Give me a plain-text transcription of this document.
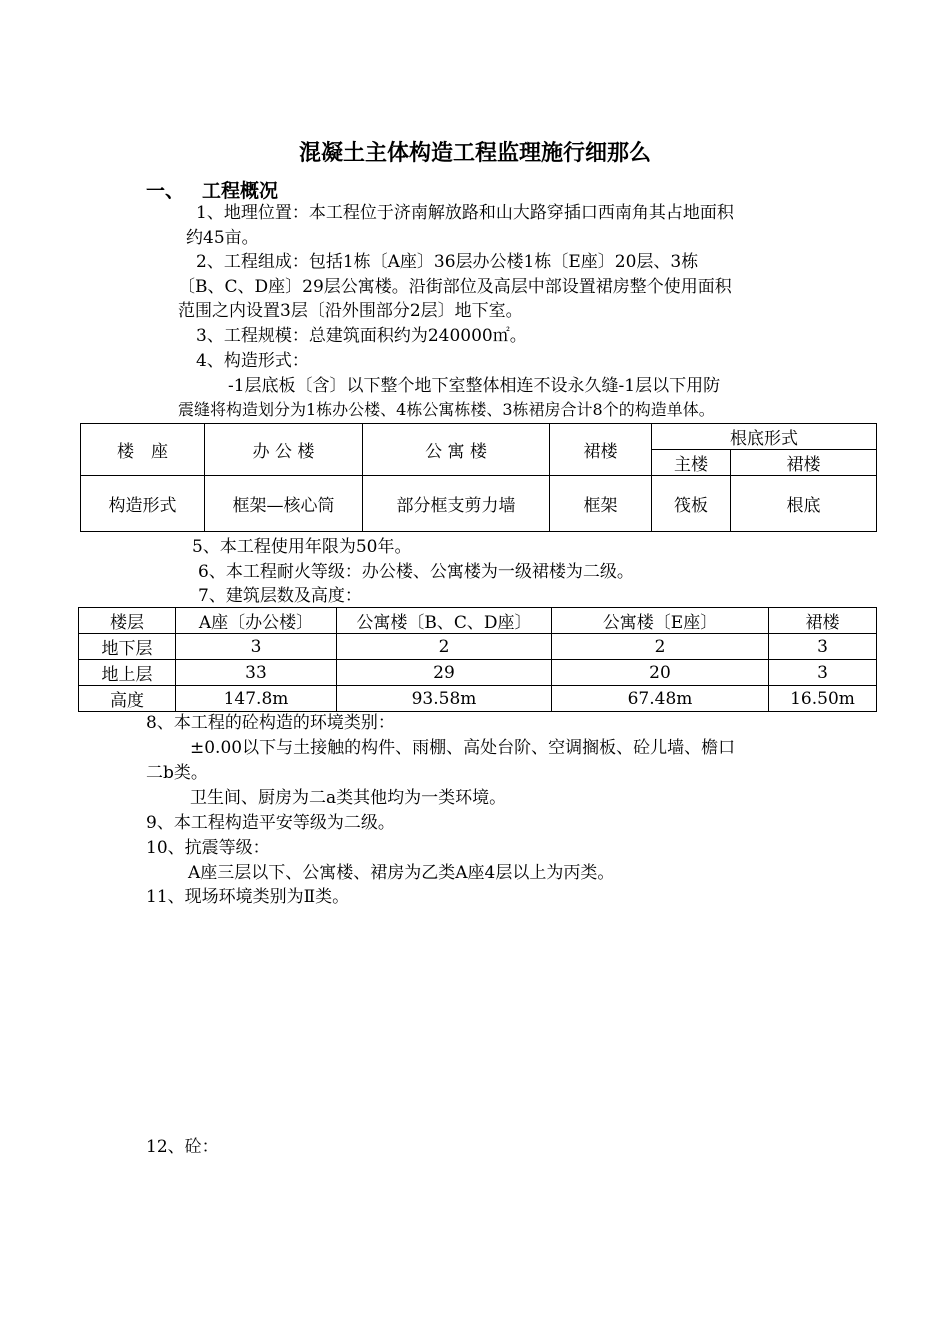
混凝土主体构造工程监理施行细那么
一、 工程概况
1、地理位置：本工程位于济南解放路和山大路穿插口西南角其占地面积
约45亩。
2、工程组成：包括1栋〔A座〕36层办公楼1栋〔E座〕20层、3栋
〔B、C、D座〕29层公寓楼。沿街部位及高层中部设置裙房整个使用面积
范围之内设置3层〔沿外围部分2层〕地下室。
3、工程规模：总建筑面积约为240000㎡。
4、构造形式：
-1层底板〔含〕以下整个地下室整体相连不设永久缝-1层以下用防
震缝将构造划分为1栋办公楼、4栋公寓栋楼、3栋裙房合计8个的构造单体。
楼　座	办 公 楼	公 寓 楼	裙楼	根底形式	
				主楼	裙楼
构造形式	框架—核心筒	部分框支剪力墙	框架	筏板	根底
5、本工程使用年限为50年。
6、本工程耐火等级：办公楼、公寓楼为一级裙楼为二级。
7、建筑层数及高度：
楼层	A座〔办公楼〕	公寓楼〔B、C、D座〕	公寓楼〔E座〕	裙楼
地下层	3	2	2	3
地上层	33	29	20	3
高度	147.8m	93.58m	67.48m	16.50m
8、本工程的砼构造的环境类别：
±0.00以下与土接触的构件、雨棚、高处台阶、空调搁板、砼儿墙、檐口
二b类。
卫生间、厨房为二a类其他均为一类环境。
9、本工程构造平安等级为二级。
10、抗震等级：
A座三层以下、公寓楼、裙房为乙类A座4层以上为丙类。
11、现场环境类别为Ⅱ类。
12、砼：
